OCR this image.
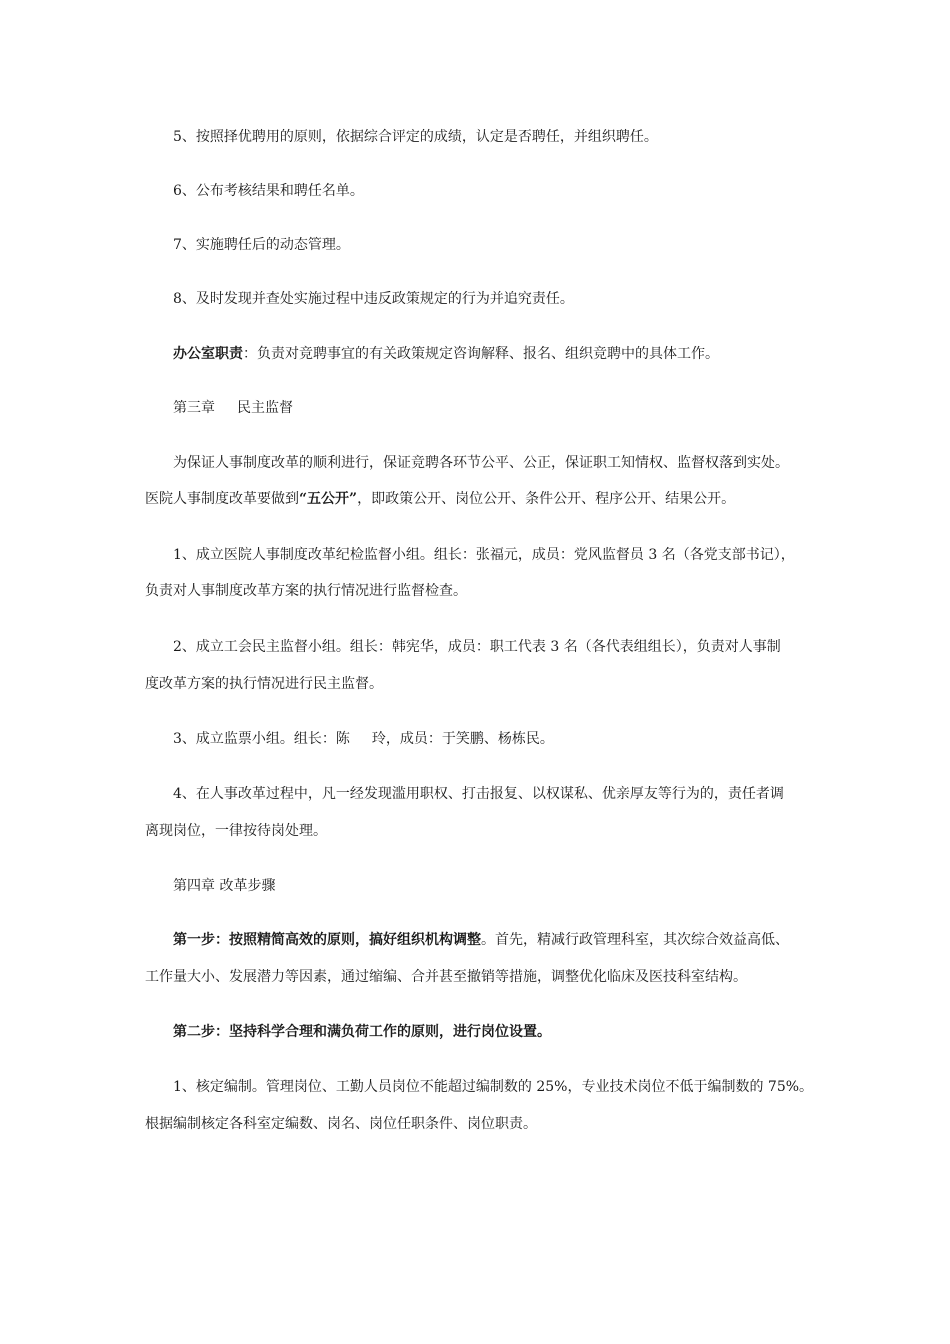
5、按照择优聘用的原则，依据综合评定的成绩，认定是否聘任，并组织聘任。
6、公布考核结果和聘任名单。
7、实施聘任后的动态管理。
8、及时发现并查处实施过程中违反政策规定的行为并追究责任。
办公室职责：负责对竞聘事宜的有关政策规定咨询解释、报名、组织竞聘中的具体工作。
第三章 民主监督
为保证人事制度改革的顺利进行，保证竞聘各环节公平、公正，保证职工知情权、监督权落到实处。
医院人事制度改革要做到“五公开”，即政策公开、岗位公开、条件公开、程序公开、结果公开。
1、成立医院人事制度改革纪检监督小组。组长：张福元，成员：党风监督员 3 名（各党支部书记），
负责对人事制度改革方案的执行情况进行监督检查。
2、成立工会民主监督小组。组长：韩宪华，成员：职工代表 3 名（各代表组组长），负责对人事制
度改革方案的执行情况进行民主监督。
3、成立监票小组。组长：陈 玲，成员：于笑鹏、杨栋民。
4、在人事改革过程中，凡一经发现滥用职权、打击报复、以权谋私、优亲厚友等行为的，责任者调
离现岗位，一律按待岗处理。
第四章 改革步骤
第一步：按照精简高效的原则，搞好组织机构调整。首先，精减行政管理科室，其次综合效益高低、
工作量大小、发展潜力等因素，通过缩编、合并甚至撤销等措施，调整优化临床及医技科室结构。
第二步：坚持科学合理和满负荷工作的原则，进行岗位设置。
1、核定编制。管理岗位、工勤人员岗位不能超过编制数的 25%，专业技术岗位不低于编制数的 75%。
根据编制核定各科室定编数、岗名、岗位任职条件、岗位职责。
